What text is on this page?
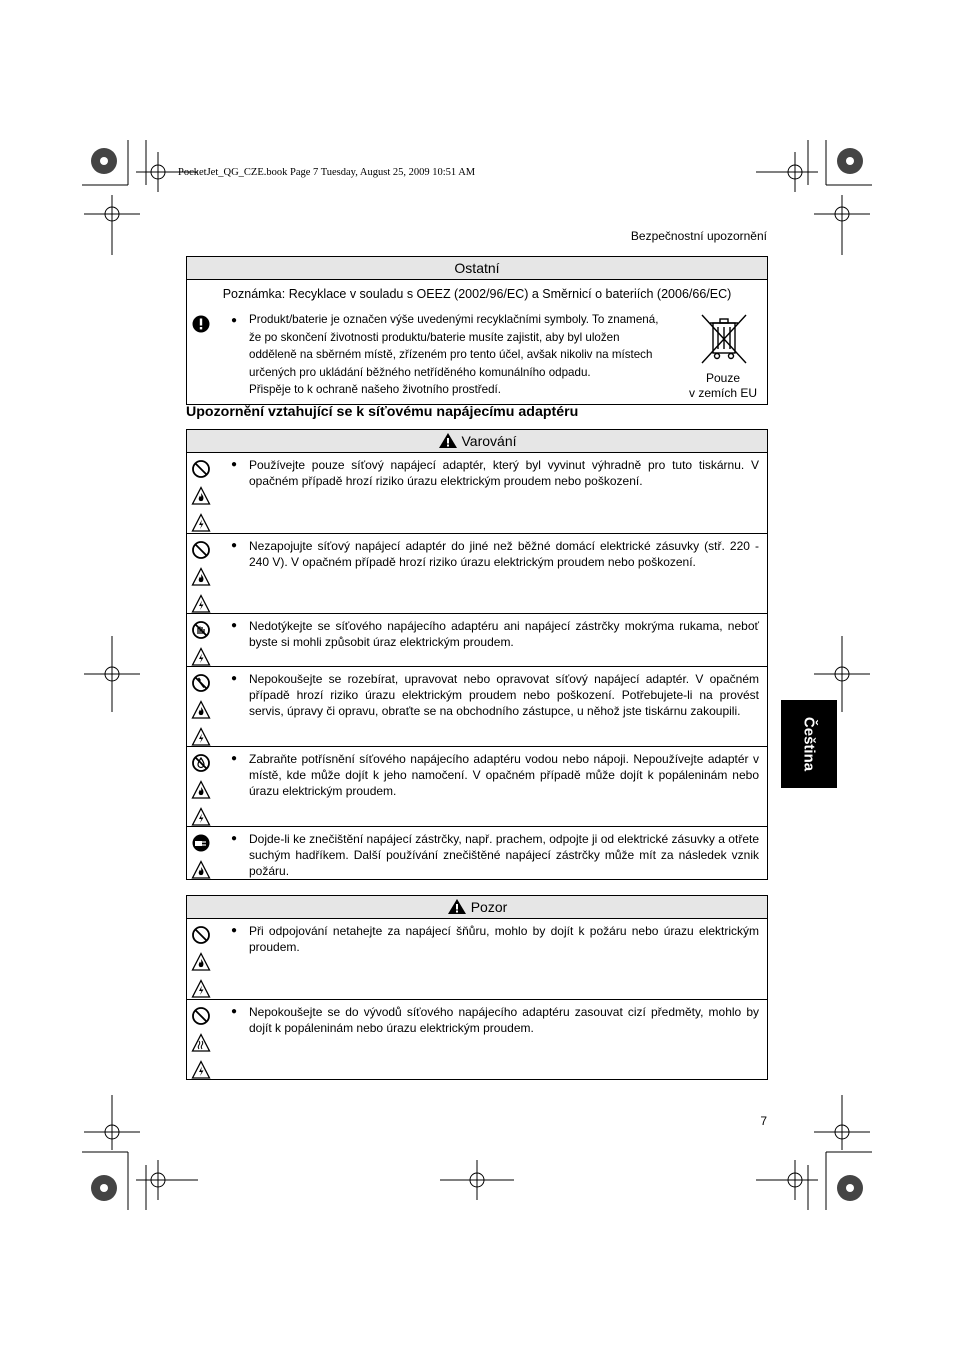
PocketJet_QG_CZE.book Page 7 Tuesday, August 25, 2009 10:51 AM
Bezpečnostní upozornění
Ostatní
Poznámka: Recyklace v souladu s OEEZ (2002/96/EC) a Směrnicí o bateriích (2006/66/EC)
● Produkt/baterie je označen výše uvedenými recyklačními symboly. To znamená,
že po skončení životnosti produktu/baterie musíte zajistit, aby byl uložen
odděleně na sběrném místě, zřízeném pro tento účel, avšak nikoliv na místech
určených pro ukládání běžného netříděného komunálního odpadu.
Přispěje to k ochraně našeho životního prostředí.
Pouze
v zemích EU
Upozornění vztahující se k síťovému napájecímu adaptéru
Varování
● Používejte pouze síťový napájecí adaptér, který byl vyvinut výhradně pro tuto tiskárnu. V opačném případě hrozí riziko úrazu elektrickým proudem nebo poškození.
● Nezapojujte síťový napájecí adaptér do jiné než běžné domácí elektrické zásuvky (stř. 220 - 240 V). V opačném případě hrozí riziko úrazu elektrickým proudem nebo poškození.
● Nedotýkejte se síťového napájecího adaptéru ani napájecí zástrčky mokrýma rukama, neboť byste si mohli způsobit úraz elektrickým proudem.
● Nepokoušejte se rozebírat, upravovat nebo opravovat síťový napájecí adaptér. V opačném případě hrozí riziko úrazu elektrickým proudem nebo poškození. Potřebujete-li na provést servis, úpravy či opravu, obraťte se na obchodního zástupce, u něhož jste tiskárnu zakoupili.
● Zabraňte potřísnění síťového napájecího adaptéru vodou nebo nápoji. Nepoužívejte adaptér v místě, kde může dojít k jeho namočení. V opačném případě může dojít k popáleninám nebo úrazu elektrickým proudem.
● Dojde-li ke znečištění napájecí zástrčky, např. prachem, odpojte ji od elektrické zásuvky a otřete suchým hadříkem. Další používání znečištěné napájecí zástrčky může mít za následek vznik požáru.
Pozor
● Při odpojování netahejte za napájecí šňůru, mohlo by dojít k požáru nebo úrazu elektrickým proudem.
● Nepokoušejte se do vývodů síťového napájecího adaptéru zasouvat cizí předměty, mohlo by dojít k popáleninám nebo úrazu elektrickým proudem.
Čeština
7
